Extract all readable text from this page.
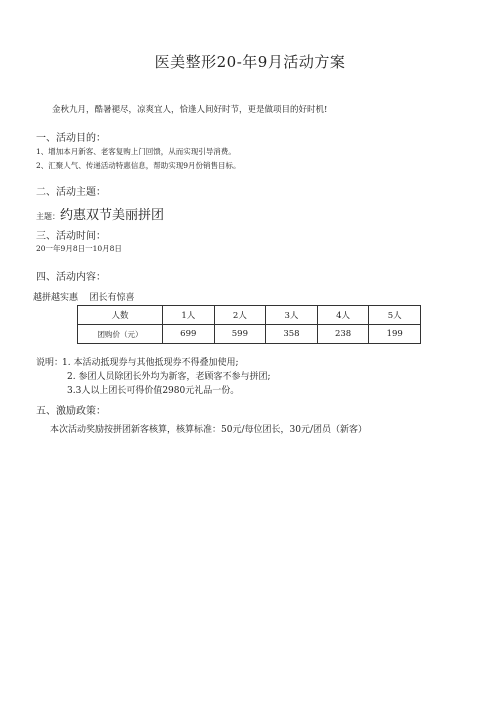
医美整形20-年9月活动方案
金秋九月，酷暑褪尽，凉爽宜人，恰逢人间好时节，更是做项目的好时机!
一、活动目的：
1、增加本月新客、老客复购上门回馈，从而实现引导消费。
2、汇聚人气、传递活动特惠信息，帮助实现9月份销售目标。
二、活动主题：
主题：约惠双节美丽拼团
三、活动时间：
20一年9月8日一10月8日
四、活动内容：
越拼越实惠    团长有惊喜
人数	1人	2人	3人	4人	5人
团购价（元）	699	599	358	238	199
说明：
1. 本活动抵现券与其他抵现券不得叠加使用;
2. 参团人员除团长外均为新客，老顾客不参与拼团;
3.3人以上团长可得价值2980元礼品一份。
五、激励政策：
本次活动奖励按拼团新客核算，核算标准：50元/每位团长，30元/团员（新客）
